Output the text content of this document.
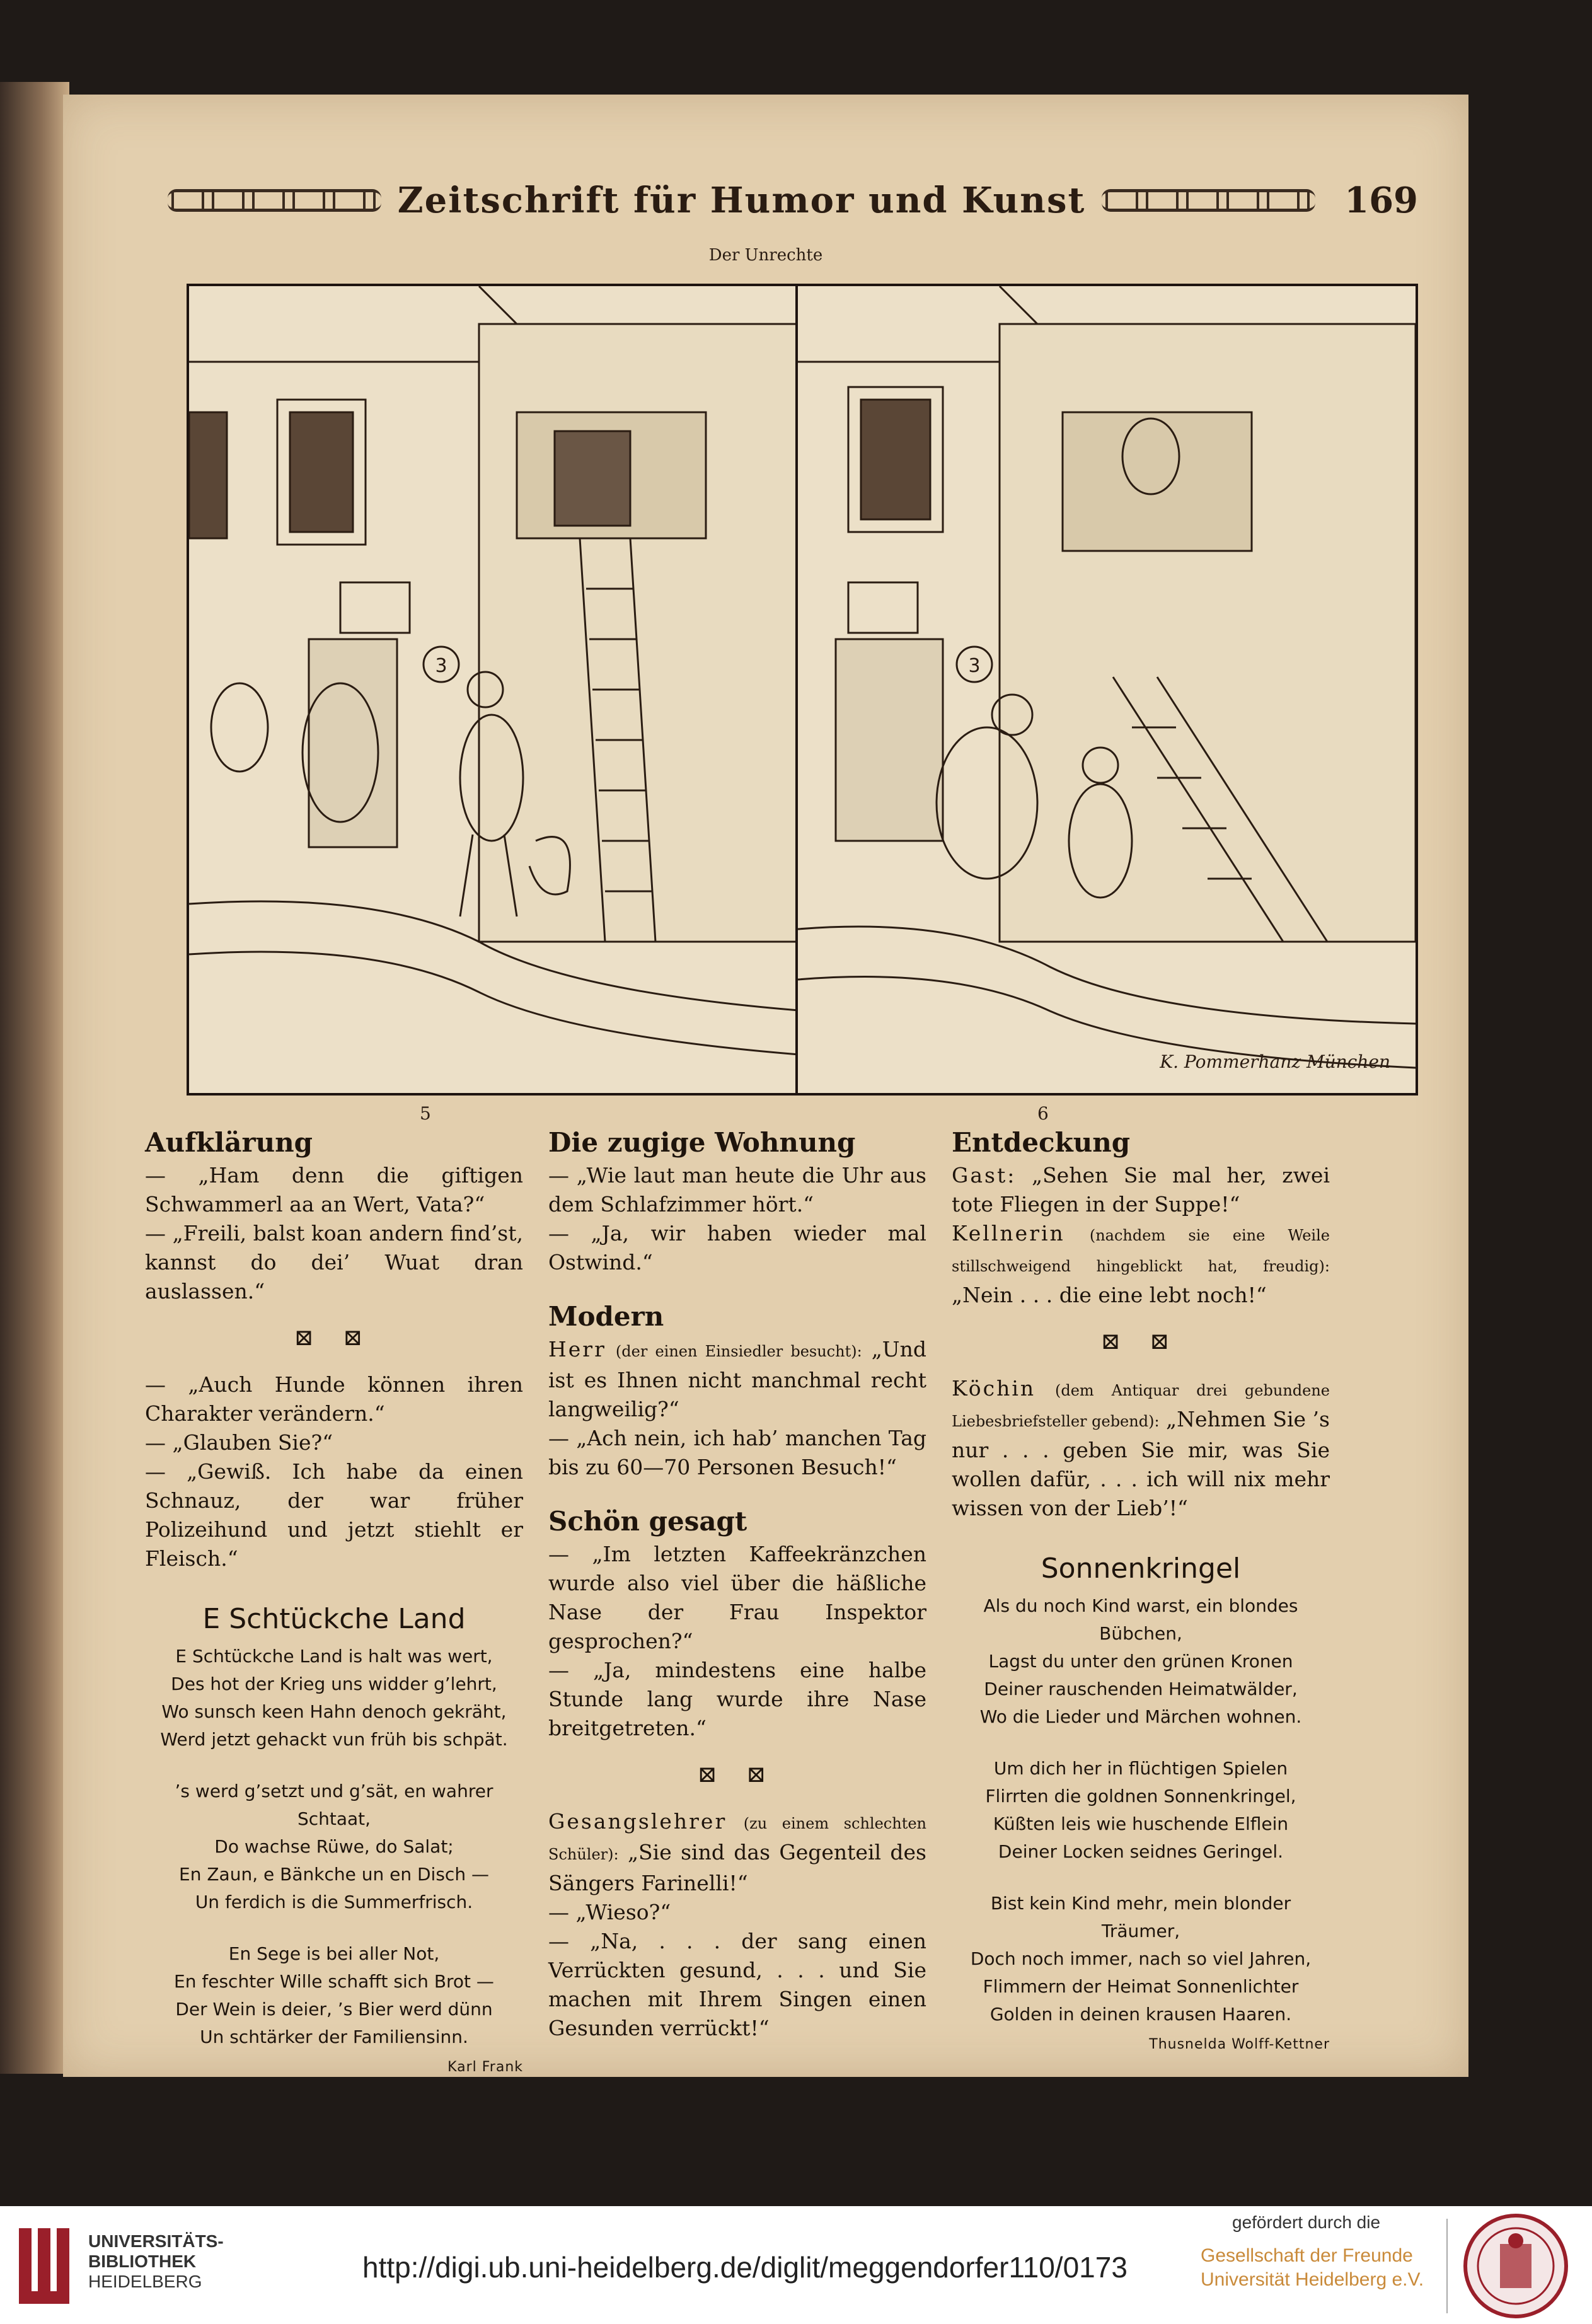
Zeitschrift für Humor und Kunst	169
Der Unrechte
3	3
K. Pommerhanz München
5	6
Aufklärung

— „Ham denn die giftigen Schwammerl aa an Wert, Vata?“

— „Freili, balst koan andern find’st, kannst do dei’ Wuat dran auslassen.“

⊠ ⊠

— „Auch Hunde können ihren Charakter verändern.“

— „Glauben Sie?“

— „Gewiß. Ich habe da einen Schnauz, der war früher Polizeihund und jetzt stiehlt er Fleisch.“

E Schtückche Land
E Schtückche Land is halt was wert,
Des hot der Krieg uns widder g’lehrt,
Wo sunsch keen Hahn denoch gekräht,
Werd jetzt gehackt vun früh bis schpät.
’s werd g’setzt und g’sät, en wahrer Schtaat,
Do wachse Rüwe, do Salat;
En Zaun, e Bänkche un en Disch —
Un ferdich is die Summerfrisch.
En Sege is bei aller Not,
En feschter Wille schafft sich Brot —
Der Wein is deier, ’s Bier werd dünn
Un schtärker der Familiensinn.
Karl Frank
Die zugige Wohnung

— „Wie laut man heute die Uhr aus dem Schlafzimmer hört.“

— „Ja, wir haben wieder mal Ostwind.“

Modern

Herr (der einen Einsiedler besucht): „Und ist es Ihnen nicht manchmal recht langweilig?“

— „Ach nein, ich hab’ manchen Tag bis zu 60—70 Personen Besuch!“

Schön gesagt

— „Im letzten Kaffeekränzchen wurde also viel über die häßliche Nase der Frau Inspektor gesprochen?“

— „Ja, mindestens eine halbe Stunde lang wurde ihre Nase breitgetreten.“

⊠ ⊠

Gesangslehrer (zu einem schlechten Schüler): „Sie sind das Gegenteil des Sängers Farinelli!“

— „Wieso?“

— „Na, . . . der sang einen Verrückten gesund, . . . und Sie machen mit Ihrem Singen einen Gesunden verrückt!“

Entdeckung

Gast: „Sehen Sie mal her, zwei tote Fliegen in der Suppe!“

Kellnerin (nachdem sie eine Weile stillschweigend hingeblickt hat, freudig): „Nein . . . die eine lebt noch!“

⊠ ⊠

Köchin (dem Antiquar drei gebundene Liebesbriefsteller gebend): „Nehmen Sie ’s nur . . . geben Sie mir, was Sie wollen dafür, . . . ich will nix mehr wissen von der Lieb’!“

Sonnenkringel
Als du noch Kind warst, ein blondes Bübchen,
Lagst du unter den grünen Kronen
Deiner rauschenden Heimatwälder,
Wo die Lieder und Märchen wohnen.
Um dich her in flüchtigen Spielen
Flirrten die goldnen Sonnenkringel,
Küßten leis wie huschende Elflein
Deiner Locken seidnes Geringel.
Bist kein Kind mehr, mein blonder Träumer,
Doch noch immer, nach so viel Jahren,
Flimmern der Heimat Sonnenlichter
Golden in deinen krausen Haaren.
Thusnelda Wolff-Kettner
UNIVERSITÄTS-
BIBLIOTHEK
HEIDELBERG	http://digi.ub.uni-heidelberg.de/diglit/meggendorfer110/0173
gefördert durch die
Gesellschaft der Freunde
Universität Heidelberg e.V.
